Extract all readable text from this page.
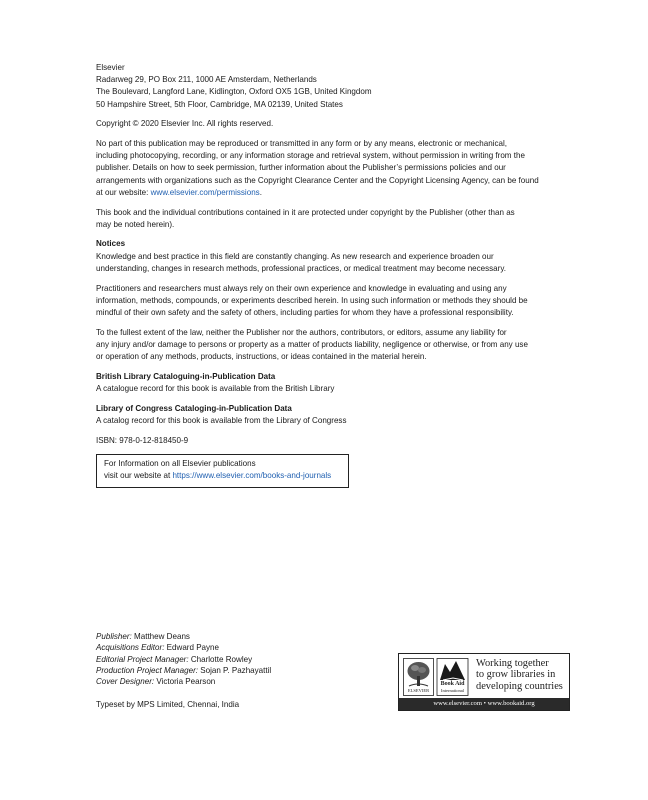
Elsevier
Radarweg 29, PO Box 211, 1000 AE Amsterdam, Netherlands
The Boulevard, Langford Lane, Kidlington, Oxford OX5 1GB, United Kingdom
50 Hampshire Street, 5th Floor, Cambridge, MA 02139, United States

Copyright © 2020 Elsevier Inc. All rights reserved.

No part of this publication may be reproduced or transmitted in any form or by any means, electronic or mechanical,
including photocopying, recording, or any information storage and retrieval system, without permission in writing from the
publisher. Details on how to seek permission, further information about the Publisher’s permissions policies and our
arrangements with organizations such as the Copyright Clearance Center and the Copyright Licensing Agency, can be found
at our website: www.elsevier.com/permissions.

This book and the individual contributions contained in it are protected under copyright by the Publisher (other than as
may be noted herein).

Notices
Knowledge and best practice in this field are constantly changing. As new research and experience broaden our
understanding, changes in research methods, professional practices, or medical treatment may become necessary.

Practitioners and researchers must always rely on their own experience and knowledge in evaluating and using any
information, methods, compounds, or experiments described herein. In using such information or methods they should be
mindful of their own safety and the safety of others, including parties for whom they have a professional responsibility.

To the fullest extent of the law, neither the Publisher nor the authors, contributors, or editors, assume any liability for
any injury and/or damage to persons or property as a matter of products liability, negligence or otherwise, or from any use
or operation of any methods, products, instructions, or ideas contained in the material herein.

British Library Cataloguing-in-Publication Data
A catalogue record for this book is available from the British Library

Library of Congress Cataloging-in-Publication Data
A catalog record for this book is available from the Library of Congress

ISBN: 978-0-12-818450-9

For Information on all Elsevier publications
visit our website at https://www.elsevier.com/books-and-journals
Publisher: Matthew Deans
Acquisitions Editor: Edward Payne
Editorial Project Manager: Charlotte Rowley
Production Project Manager: Sojan P. Pazhayattil
Cover Designer: Victoria Pearson
Typeset by MPS Limited, Chennai, India
ELSEVIER
Book Aid
International
Working together
to grow libraries in
developing countries
www.elsevier.com • www.bookaid.org
